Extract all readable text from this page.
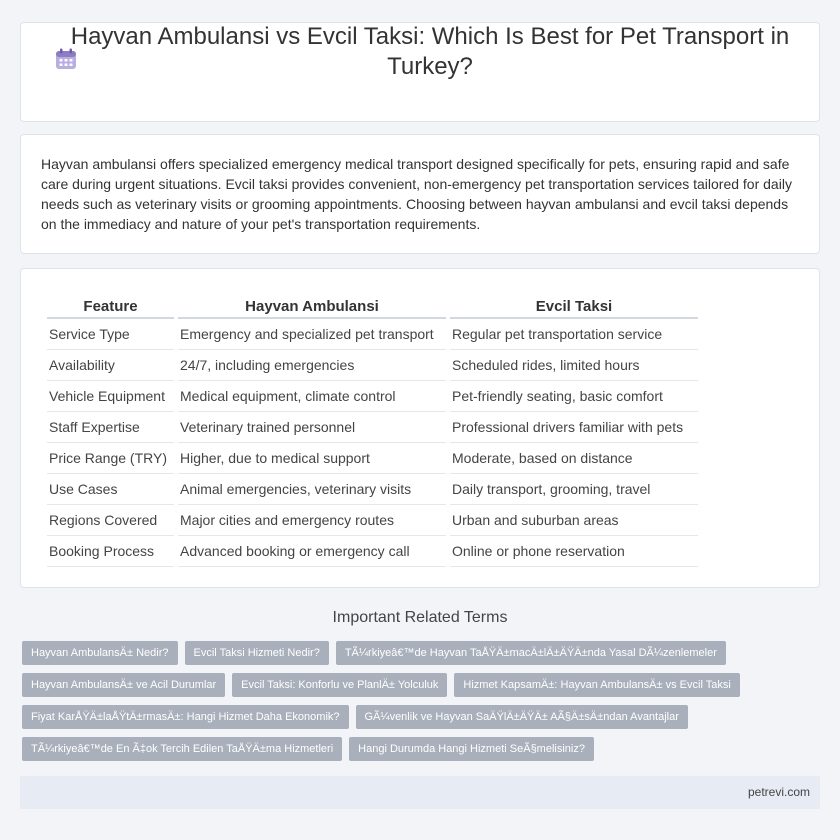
Hayvan Ambulansi vs Evcil Taksi: Which Is Best for Pet Transport in Turkey?

Hayvan ambulansi offers specialized emergency medical transport designed specifically for pets, ensuring rapid and safe care during urgent situations. Evcil taksi provides convenient, non-emergency pet transportation services tailored for daily needs such as veterinary visits or grooming appointments. Choosing between hayvan ambulansi and evcil taksi depends on the immediacy and nature of your pet's transportation requirements.

Feature	Hayvan Ambulansi	Evcil Taksi
Service Type	Emergency and specialized pet transport	Regular pet transportation service
Availability	24/7, including emergencies	Scheduled rides, limited hours
Vehicle Equipment	Medical equipment, climate control	Pet-friendly seating, basic comfort
Staff Expertise	Veterinary trained personnel	Professional drivers familiar with pets
Price Range (TRY)	Higher, due to medical support	Moderate, based on distance
Use Cases	Animal emergencies, veterinary visits	Daily transport, grooming, travel
Regions Covered	Major cities and emergency routes	Urban and suburban areas
Booking Process	Advanced booking or emergency call	Online or phone reservation
Important Related Terms
Hayvan AmbulansÄ± Nedir?	Evcil Taksi Hizmeti Nedir?	TÃ¼rkiyeâ€™de Hayvan TaÅŸÄ±macÄ±lÄ±ÄŸÄ±nda Yasal DÃ¼zenlemeler
Hayvan AmbulansÄ± ve Acil Durumlar	Evcil Taksi: Konforlu ve PlanlÄ± Yolculuk	Hizmet KapsamÄ±: Hayvan AmbulansÄ± vs Evcil Taksi
Fiyat KarÅŸÄ±laÅŸtÄ±rmasÄ±: Hangi Hizmet Daha Ekonomik?	GÃ¼venlik ve Hayvan SaÄŸlÄ±ÄŸÄ± AÃ§Ä±sÄ±ndan Avantajlar
TÃ¼rkiyeâ€™de En Ã‡ok Tercih Edilen TaÅŸÄ±ma Hizmetleri	Hangi Durumda Hangi Hizmeti SeÃ§melisiniz?
petrevi.com
